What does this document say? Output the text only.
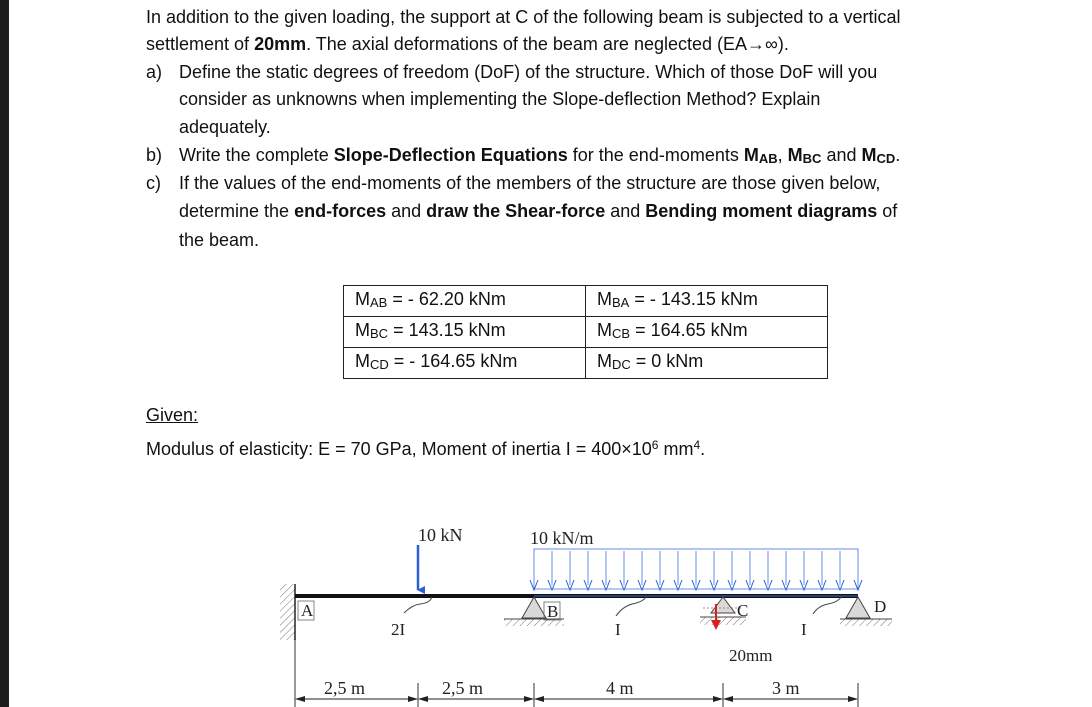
In addition to the given loading, the support at C of the following beam is subjected to a vertical
settlement of 20mm. The axial deformations of the beam are neglected (EA→∞).
a) Define the static degrees of freedom (DoF) of the structure. Which of those DoF will you
consider as unknowns when implementing the Slope-deflection Method? Explain
adequately.
b) Write the complete Slope-Deflection Equations for the end-moments $M_{AB}$, $M_{BC}$ and $M_{CD}$.
c) If the values of the end-moments of the members of the structure are those given below,
determine the end-forces and draw the Shear-force and Bending moment diagrams of
the beam.
$M_{AB}$ = - 62.20 kNm	$M_{BA}$ = - 143.15 kNm
$M_{BC} = 143.15$ kNm	$M_{CB} = 164.65$ kNm
$M_{CD}$ = - 164.65 kNm	$M_{DC} = 0$ kNm
Given:
Modulus of elasticity: E = 70 GPa, Moment of inertia $I = 400\times 10^6$ $mm^4$.
10 kN	10 kN/m
B	C
20mm
D
A
2I	I	I
2,5 m	2,5 m	4 m	3 m
